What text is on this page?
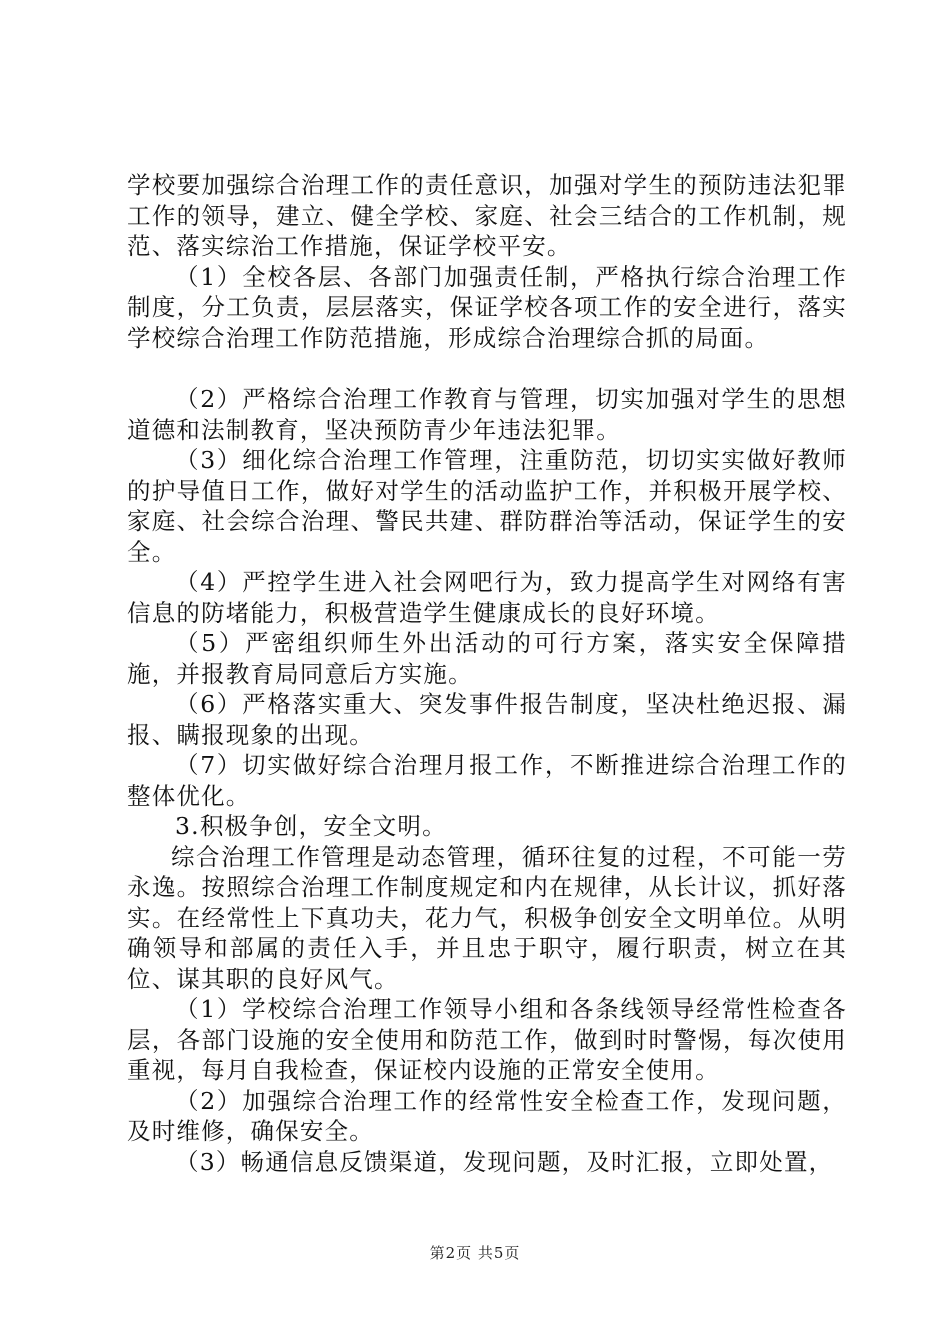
学校要加强综合治理工作的责任意识，加强对学生的预防违法犯罪工作的领导，建立、健全学校、家庭、社会三结合的工作机制，规范、落实综治工作措施，保证学校平安。

（1）全校各层、各部门加强责任制，严格执行综合治理工作制度，分工负责，层层落实，保证学校各项工作的安全进行，落实学校综合治理工作防范措施，形成综合治理综合抓的局面。

（2）严格综合治理工作教育与管理，切实加强对学生的思想道德和法制教育，坚决预防青少年违法犯罪。

（3）细化综合治理工作管理，注重防范，切切实实做好教师的护导值日工作，做好对学生的活动监护工作，并积极开展学校、家庭、社会综合治理、警民共建、群防群治等活动，保证学生的安全。

（4）严控学生进入社会网吧行为，致力提高学生对网络有害信息的防堵能力，积极营造学生健康成长的良好环境。

（5）严密组织师生外出活动的可行方案，落实安全保障措施，并报教育局同意后方实施。

（6）严格落实重大、突发事件报告制度，坚决杜绝迟报、漏报、瞒报现象的出现。

（7）切实做好综合治理月报工作，不断推进综合治理工作的整体优化。

3.积极争创，安全文明。

综合治理工作管理是动态管理，循环往复的过程，不可能一劳永逸。按照综合治理工作制度规定和内在规律，从长计议，抓好落实。在经常性上下真功夫，花力气，积极争创安全文明单位。从明确领导和部属的责任入手，并且忠于职守，履行职责，树立在其位、谋其职的良好风气。

（1）学校综合治理工作领导小组和各条线领导经常性检查各层，各部门设施的安全使用和防范工作，做到时时警惕，每次使用重视，每月自我检查，保证校内设施的正常安全使用。

（2）加强综合治理工作的经常性安全检查工作，发现问题，及时维修，确保安全。

（3）畅通信息反馈渠道，发现问题，及时汇报，立即处置，

第2页 共5页
